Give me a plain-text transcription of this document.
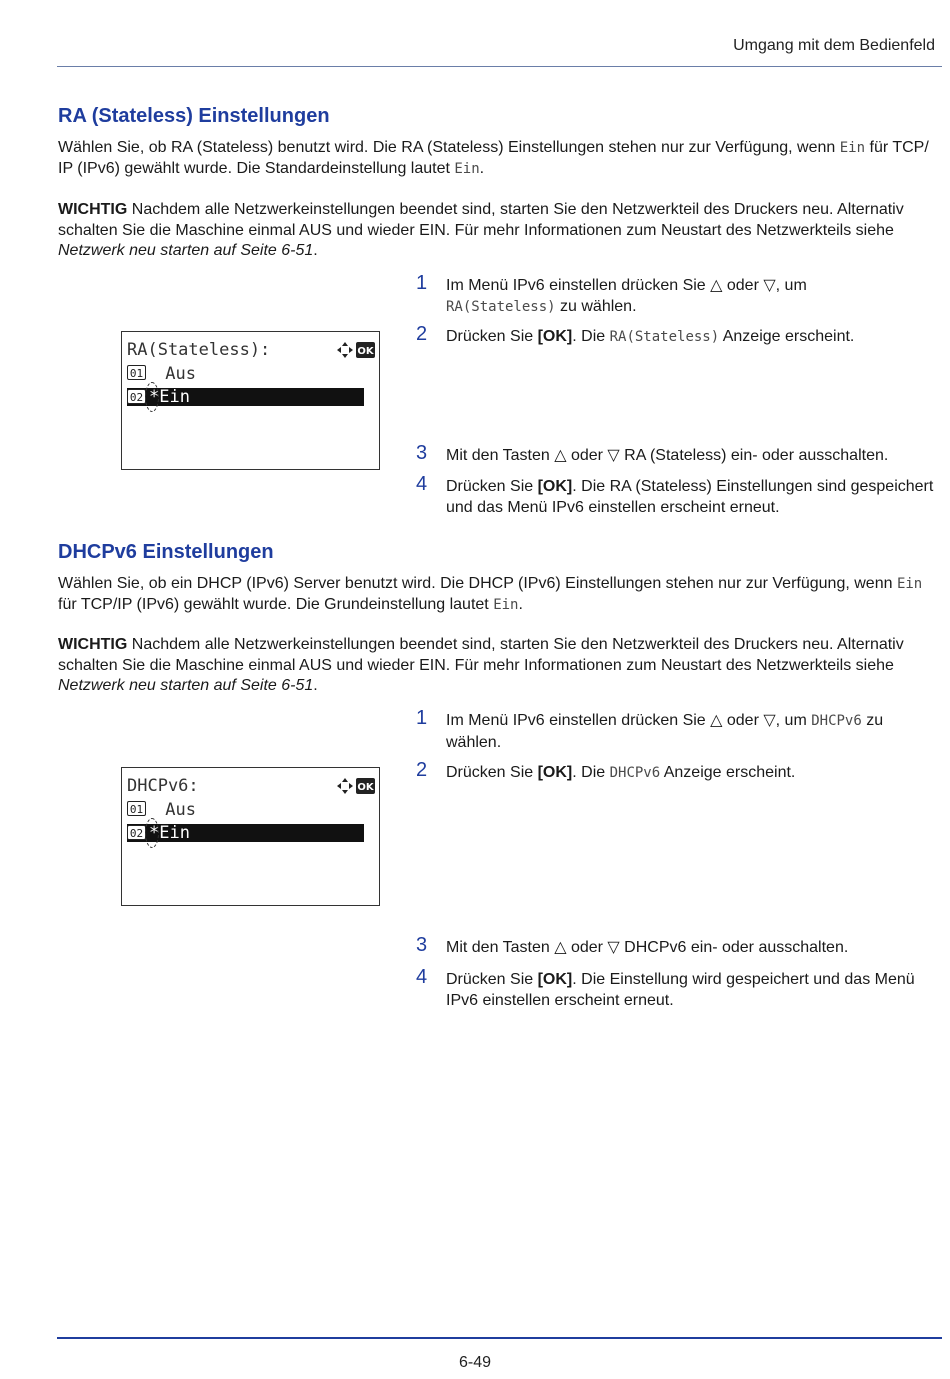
Umgang mit dem Bedienfeld
RA (Stateless) Einstellungen

Wählen Sie, ob RA (Stateless) benutzt wird. Die RA (Stateless) Einstellungen stehen nur zur Verfügung, wenn Ein für TCP/ IP (IPv6) gewählt wurde. Die Standardeinstellung lautet Ein.

WICHTIG Nachdem alle Netzwerkeinstellungen beendet sind, starten Sie den Netzwerkteil des Druckers neu. Alternativ schalten Sie die Maschine einmal AUS und wieder EIN. Für mehr Informationen zum Neustart des Netzwerkteils siehe Netzwerk neu starten auf Seite 6-51.

RA(Stateless):	OK

01

Aus

02

*Ein

1 Im Menü IPv6 einstellen drücken Sie △ oder ▽, um
RA(Stateless) zu wählen.
2 Drücken Sie [OK]. Die RA(Stateless) Anzeige erscheint.
3 Mit den Tasten △ oder ▽ RA (Stateless) ein- oder ausschalten.
4 Drücken Sie [OK]. Die RA (Stateless) Einstellungen sind gespeichert und das Menü IPv6 einstellen erscheint erneut.
DHCPv6 Einstellungen

Wählen Sie, ob ein DHCP (IPv6) Server benutzt wird. Die DHCP (IPv6) Einstellungen stehen nur zur Verfügung, wenn Ein für TCP/IP (IPv6) gewählt wurde. Die Grundeinstellung lautet Ein.

WICHTIG Nachdem alle Netzwerkeinstellungen beendet sind, starten Sie den Netzwerkteil des Druckers neu. Alternativ schalten Sie die Maschine einmal AUS und wieder EIN. Für mehr Informationen zum Neustart des Netzwerkteils siehe Netzwerk neu starten auf Seite 6-51.

DHCPv6:	OK

01

Aus

02

*Ein

1 Im Menü IPv6 einstellen drücken Sie △ oder ▽, um DHCPv6 zu wählen.
2 Drücken Sie [OK]. Die DHCPv6 Anzeige erscheint.
3 Mit den Tasten △ oder ▽ DHCPv6 ein- oder ausschalten.
4 Drücken Sie [OK]. Die Einstellung wird gespeichert und das Menü IPv6 einstellen erscheint erneut.
6-49
